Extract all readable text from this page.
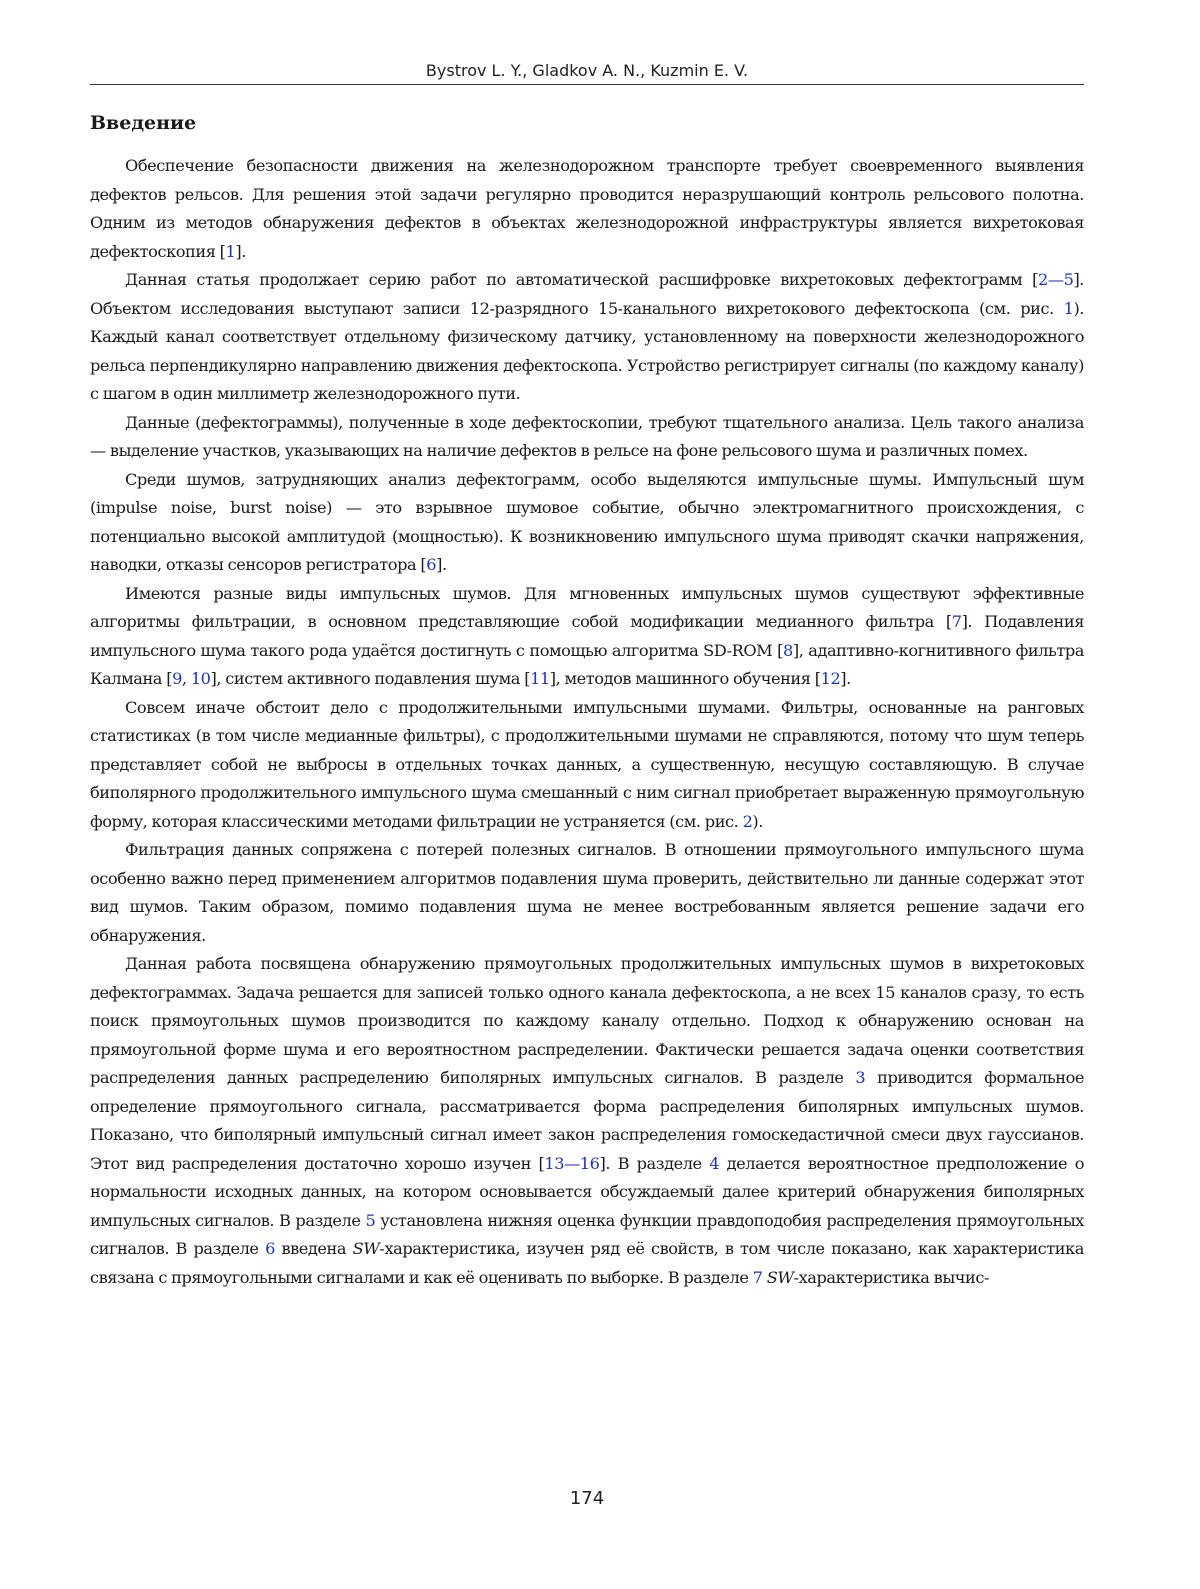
Bystrov L. Y., Gladkov A. N., Kuzmin E. V.
Введение

Обеспечение безопасности движения на железнодорожном транспорте требует своевременного выявления дефектов рельсов. Для решения этой задачи регулярно проводится неразрушающий контроль рельсового полотна. Одним из методов обнаружения дефектов в объектах железнодорожной инфраструктуры является вихретоковая дефектоскопия [1].

Данная статья продолжает серию работ по автоматической расшифровке вихретоковых дефектограмм [2—5]. Объектом исследования выступают записи 12-разрядного 15-канального вихретокового дефектоскопа (см. рис. 1). Каждый канал соответствует отдельному физическому датчику, установленному на поверхности железнодорожного рельса перпендикулярно направлению движения дефектоскопа. Устройство регистрирует сигналы (по каждому каналу) с шагом в один миллиметр железнодорожного пути.

Данные (дефектограммы), полученные в ходе дефектоскопии, требуют тщательного анализа. Цель такого анализа — выделение участков, указывающих на наличие дефектов в рельсе на фоне рельсового шума и различных помех.

Среди шумов, затрудняющих анализ дефектограмм, особо выделяются импульсные шумы. Импульсный шум (impulse noise, burst noise) — это взрывное шумовое событие, обычно электромагнитного происхождения, с потенциально высокой амплитудой (мощностью). К возникновению импульсного шума приводят скачки напряжения, наводки, отказы сенсоров регистратора [6].

Имеются разные виды импульсных шумов. Для мгновенных импульсных шумов существуют эффективные алгоритмы фильтрации, в основном представляющие собой модификации медианного фильтра [7]. Подавления импульсного шума такого рода удаётся достигнуть с помощью алгоритма SD-ROM [8], адаптивно-когнитивного фильтра Калмана [9, 10], систем активного подавления шума [11], методов машинного обучения [12].

Совсем иначе обстоит дело с продолжительными импульсными шумами. Фильтры, основанные на ранговых статистиках (в том числе медианные фильтры), с продолжительными шумами не справляются, потому что шум теперь представляет собой не выбросы в отдельных точках данных, а существенную, несущую составляющую. В случае биполярного продолжительного импульсного шума смешанный с ним сигнал приобретает выраженную прямоугольную форму, которая классическими методами фильтрации не устраняется (см. рис. 2).

Фильтрация данных сопряжена с потерей полезных сигналов. В отношении прямоугольного импульсного шума особенно важно перед применением алгоритмов подавления шума проверить, действительно ли данные содержат этот вид шумов. Таким образом, помимо подавления шума не менее востребованным является решение задачи его обнаружения.

Данная работа посвящена обнаружению прямоугольных продолжительных импульсных шумов в вихретоковых дефектограммах. Задача решается для записей только одного канала дефектоскопа, а не всех 15 каналов сразу, то есть поиск прямоугольных шумов производится по каждому каналу отдельно. Подход к обнаружению основан на прямоугольной форме шума и его вероятностном распределении. Фактически решается задача оценки соответствия распределения данных распределению биполярных импульсных сигналов. В разделе 3 приводится формальное определение прямоугольного сигнала, рассматривается форма распределения биполярных импульсных шумов. Показано, что биполярный импульсный сигнал имеет закон распределения гомоскедастичной смеси двух гауссианов. Этот вид распределения достаточно хорошо изучен [13—16]. В разделе 4 делается вероятностное предположение о нормальности исходных данных, на котором основывается обсуждаемый далее критерий обнаружения биполярных импульсных сигналов. В разделе 5 установлена нижняя оценка функции правдоподобия распределения прямоугольных сигналов. В разделе 6 введена SW-характеристика, изучен ряд её свойств, в том числе показано, как характеристика связана с прямоугольными сигналами и как её оценивать по выборке. В разделе 7 SW-характеристика вычис-

174
